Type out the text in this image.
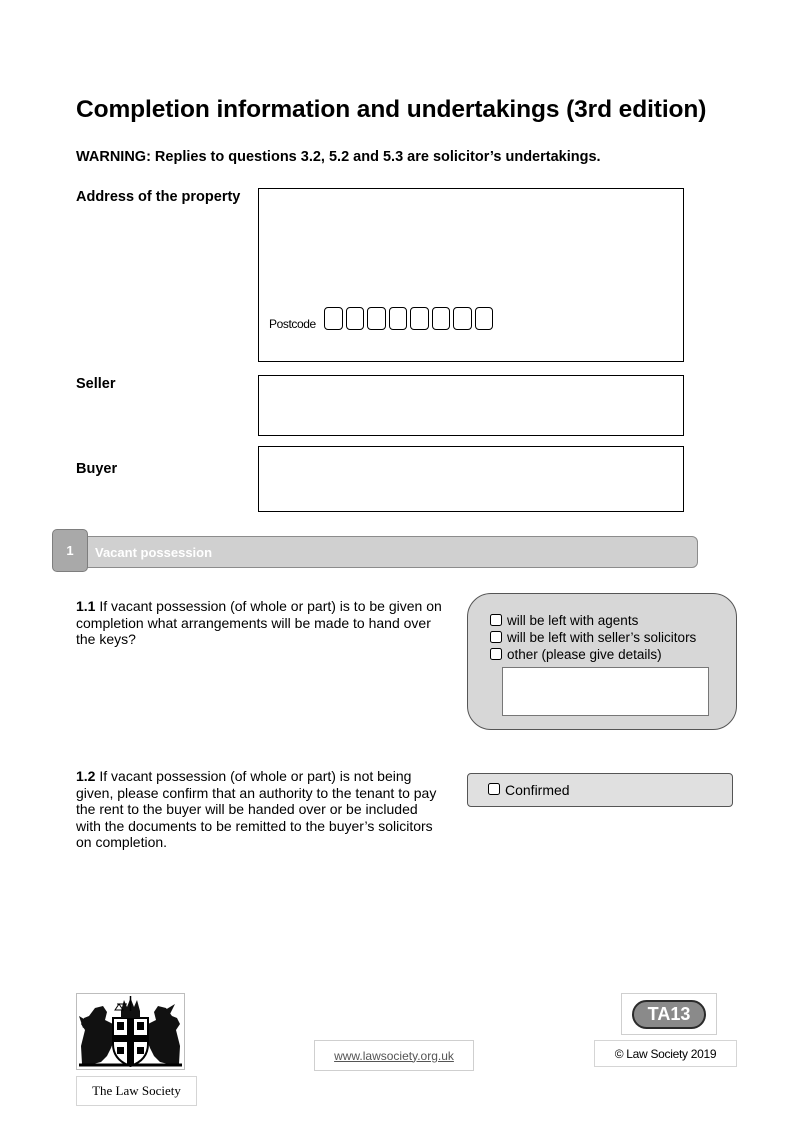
Completion information and undertakings (3rd edition)
WARNING: Replies to questions 3.2, 5.2 and 5.3 are solicitor’s undertakings.
Address of the property
Postcode
Seller
Buyer
1	Vacant possession
1.1 If vacant possession (of whole or part) is to be given on completion what arrangements will be made to hand over the keys?
will be left with agents
will be left with seller’s solicitors
other (please give details)
1.2 If vacant possession (of whole or part) is not being given, please confirm that an authority to the tenant to pay the rent to the buyer will be handed over or be included with the documents to be remitted to the buyer’s solicitors on completion.
Confirmed
The Law Society
www.lawsociety.org.uk
TA13
© Law Society 2019
